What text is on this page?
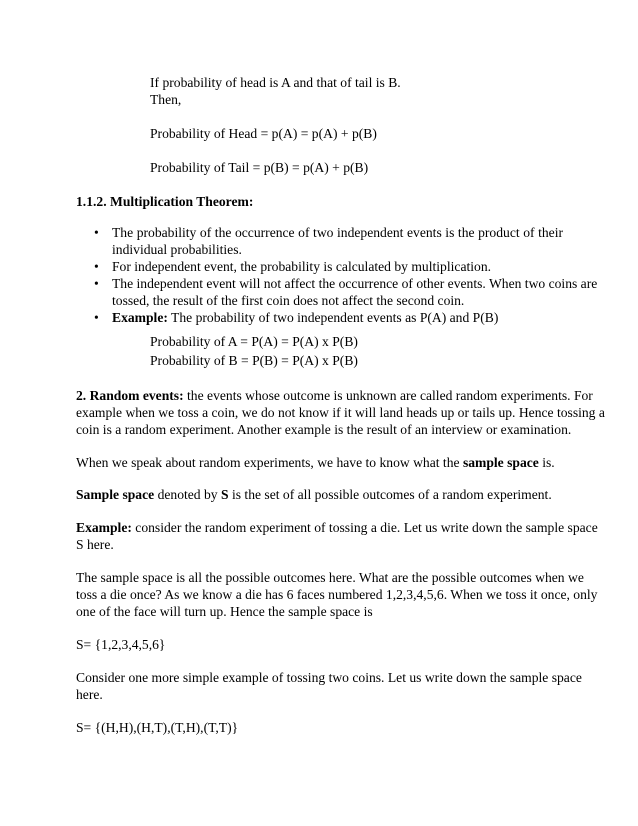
If probability of head is A and that of tail is B.
Then,
Probability of Head = p(A) = p(A) + p(B)
Probability of Tail = p(B) = p(A) + p(B)
1.1.2. Multiplication Theorem:
• The probability of the occurrence of two independent events is the product of their
individual probabilities.
• For independent event, the probability is calculated by multiplication.
• The independent event will not affect the occurrence of other events. When two coins are
tossed, the result of the first coin does not affect the second coin.
• Example: The probability of two independent events as P(A) and P(B)
Probability of A = P(A) = P(A) x P(B)
Probability of B = P(B) = P(A) x P(B)
2. Random events: the events whose outcome is unknown are called random experiments. For
example when we toss a coin, we do not know if it will land heads up or tails up. Hence tossing a
coin is a random experiment. Another example is the result of an interview or examination.
When we speak about random experiments, we have to know what the sample space is.
Sample space denoted by S is the set of all possible outcomes of a random experiment.
Example: consider the random experiment of tossing a die. Let us write down the sample space
S here.
The sample space is all the possible outcomes here. What are the possible outcomes when we
toss a die once? As we know a die has 6 faces numbered 1,2,3,4,5,6. When we toss it once, only
one of the face will turn up. Hence the sample space is
S= {1,2,3,4,5,6}
Consider one more simple example of tossing two coins. Let us write down the sample space
here.
S= {(H,H),(H,T),(T,H),(T,T)}
